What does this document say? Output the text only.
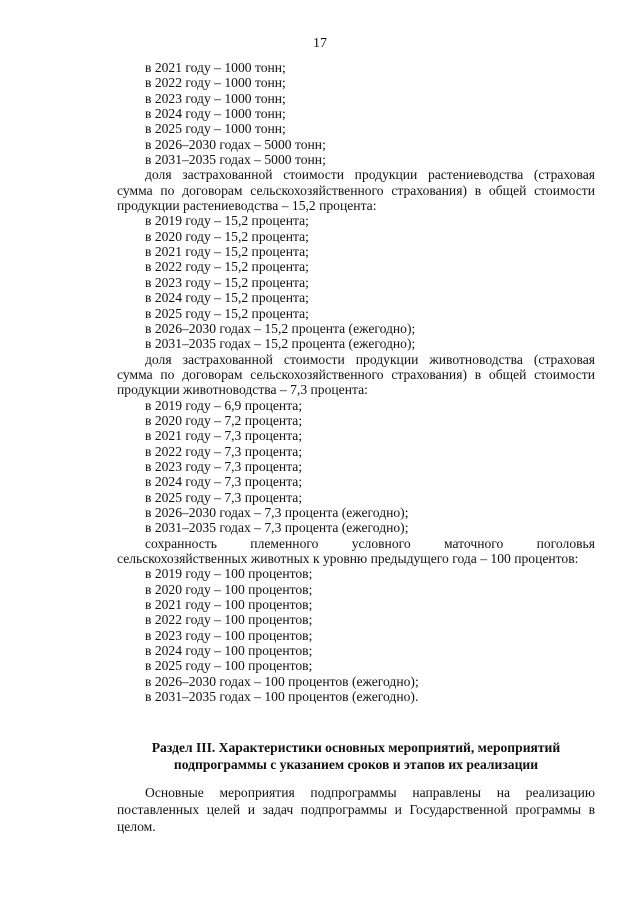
17
в 2021 году – 1000 тонн;
в 2022 году – 1000 тонн;
в 2023 году – 1000 тонн;
в 2024 году – 1000 тонн;
в 2025 году – 1000 тонн;
в 2026–2030 годах – 5000 тонн;
в 2031–2035 годах – 5000 тонн;
доля застрахованной стоимости продукции растениеводства (страховая сумма по договорам сельскохозяйственного страхования) в общей стоимости продукции растениеводства – 15,2 процента:
в 2019 году – 15,2 процента;
в 2020 году – 15,2 процента;
в 2021 году – 15,2 процента;
в 2022 году – 15,2 процента;
в 2023 году – 15,2 процента;
в 2024 году – 15,2 процента;
в 2025 году – 15,2 процента;
в 2026–2030 годах – 15,2 процента (ежегодно);
в 2031–2035 годах – 15,2 процента (ежегодно);
доля застрахованной стоимости продукции животноводства (страховая сумма по договорам сельскохозяйственного страхования) в общей стоимости продукции животноводства – 7,3 процента:
в 2019 году – 6,9 процента;
в 2020 году – 7,2 процента;
в 2021 году – 7,3 процента;
в 2022 году – 7,3 процента;
в 2023 году – 7,3 процента;
в 2024 году – 7,3 процента;
в 2025 году – 7,3 процента;
в 2026–2030 годах – 7,3 процента (ежегодно);
в 2031–2035 годах – 7,3 процента (ежегодно);
сохранность племенного условного маточного поголовья сельскохозяйственных животных к уровню предыдущего года – 100 процентов:
в 2019 году – 100 процентов;
в 2020 году – 100 процентов;
в 2021 году – 100 процентов;
в 2022 году – 100 процентов;
в 2023 году – 100 процентов;
в 2024 году – 100 процентов;
в 2025 году – 100 процентов;
в 2026–2030 годах – 100 процентов (ежегодно);
в 2031–2035 годах – 100 процентов (ежегодно).
Раздел III. Характеристики основных мероприятий, мероприятий
подпрограммы с указанием сроков и этапов их реализации
Основные мероприятия подпрограммы направлены на реализацию поставленных целей и задач подпрограммы и Государственной программы в целом.
